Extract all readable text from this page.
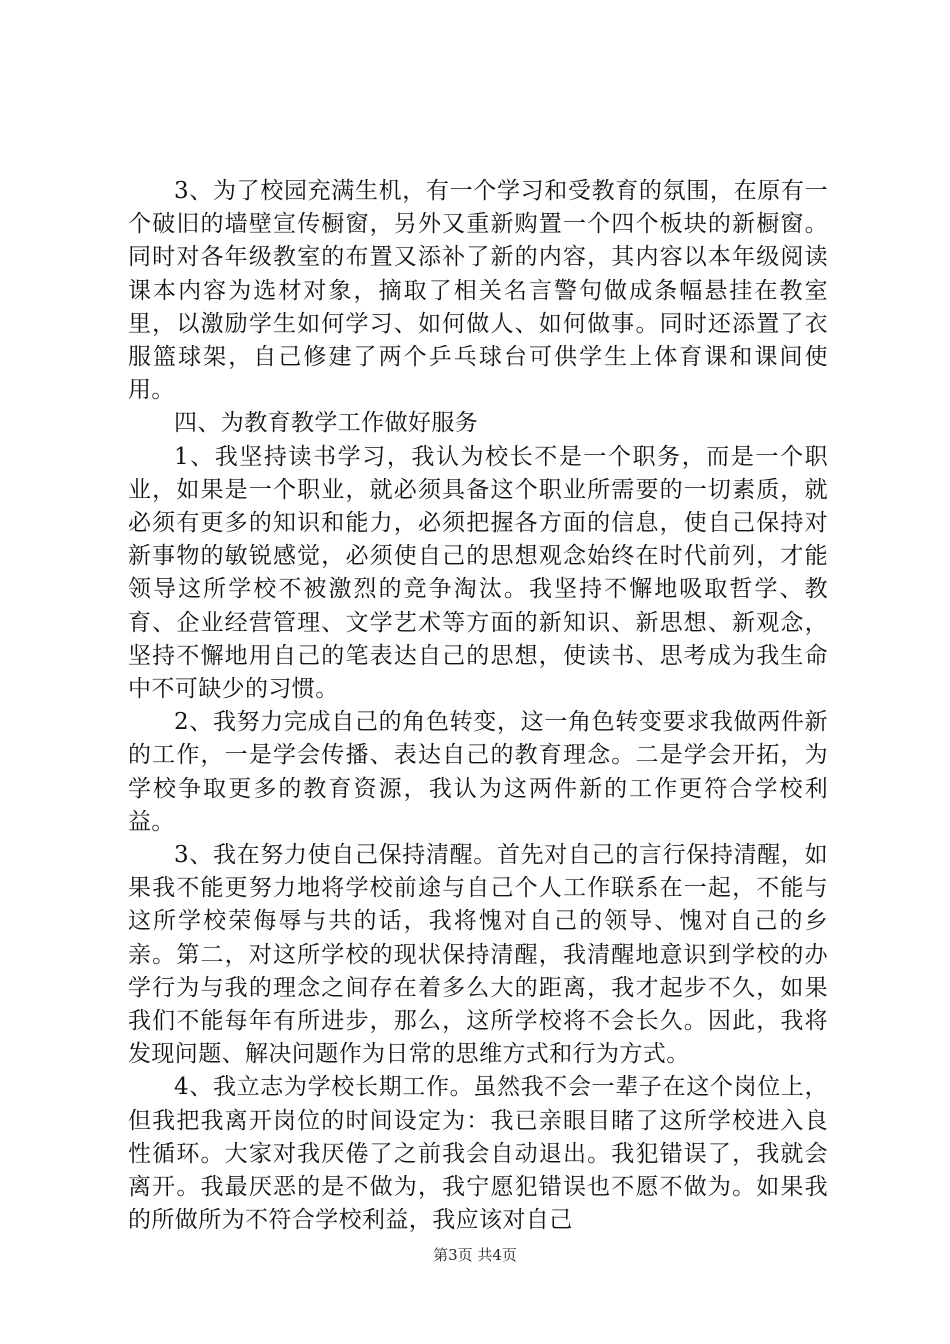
3、为了校园充满生机，有一个学习和受教育的氛围，在原有一个破旧的墙壁宣传橱窗，另外又重新购置一个四个板块的新橱窗。同时对各年级教室的布置又添补了新的内容，其内容以本年级阅读课本内容为选材对象，摘取了相关名言警句做成条幅悬挂在教室里，以激励学生如何学习、如何做人、如何做事。同时还添置了衣服篮球架，自己修建了两个乒乓球台可供学生上体育课和课间使用。

四、为教育教学工作做好服务

1、我坚持读书学习，我认为校长不是一个职务，而是一个职业，如果是一个职业，就必须具备这个职业所需要的一切素质，就必须有更多的知识和能力，必须把握各方面的信息，使自己保持对新事物的敏锐感觉，必须使自己的思想观念始终在时代前列，才能领导这所学校不被激烈的竞争淘汰。我坚持不懈地吸取哲学、教育、企业经营管理、文学艺术等方面的新知识、新思想、新观念，坚持不懈地用自己的笔表达自己的思想，使读书、思考成为我生命中不可缺少的习惯。

2、我努力完成自己的角色转变，这一角色转变要求我做两件新的工作，一是学会传播、表达自己的教育理念。二是学会开拓，为学校争取更多的教育资源，我认为这两件新的工作更符合学校利益。

3、我在努力使自己保持清醒。首先对自己的言行保持清醒，如果我不能更努力地将学校前途与自己个人工作联系在一起，不能与这所学校荣侮辱与共的话，我将愧对自己的领导、愧对自己的乡亲。第二，对这所学校的现状保持清醒，我清醒地意识到学校的办学行为与我的理念之间存在着多么大的距离，我才起步不久，如果我们不能每年有所进步，那么，这所学校将不会长久。因此，我将发现问题、解决问题作为日常的思维方式和行为方式。

4、我立志为学校长期工作。虽然我不会一辈子在这个岗位上，但我把我离开岗位的时间设定为：我已亲眼目睹了这所学校进入良性循环。大家对我厌倦了之前我会自动退出。我犯错误了，我就会离开。我最厌恶的是不做为，我宁愿犯错误也不愿不做为。如果我的所做所为不符合学校利益，我应该对自己

第3页 共4页
